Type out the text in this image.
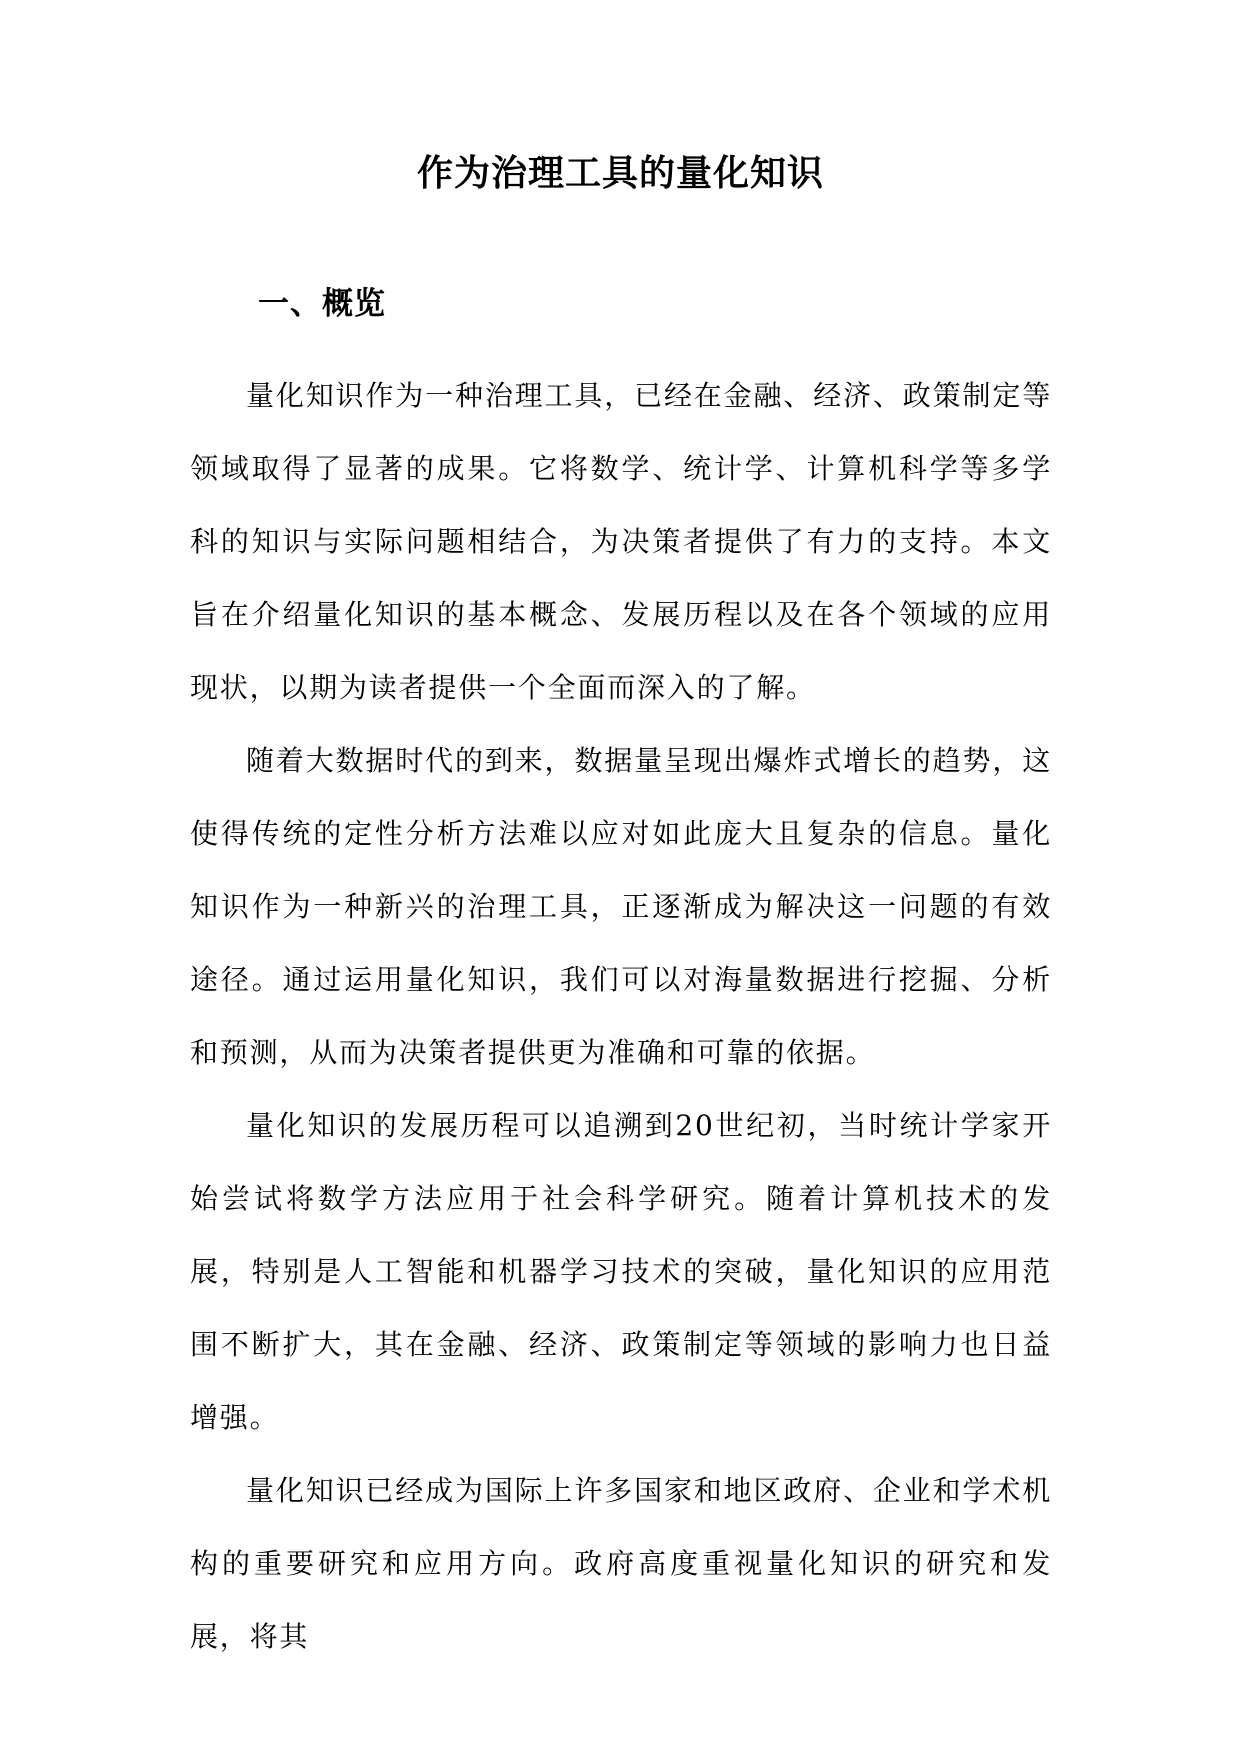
作为治理工具的量化知识
一、概览

量化知识作为一种治理工具，已经在金融、经济、政策制定等领域取得了显著的成果。它将数学、统计学、计算机科学等多学科的知识与实际问题相结合，为决策者提供了有力的支持。本文旨在介绍量化知识的基本概念、发展历程以及在各个领域的应用现状，以期为读者提供一个全面而深入的了解。

随着大数据时代的到来，数据量呈现出爆炸式增长的趋势，这使得传统的定性分析方法难以应对如此庞大且复杂的信息。量化知识作为一种新兴的治理工具，正逐渐成为解决这一问题的有效途径。通过运用量化知识，我们可以对海量数据进行挖掘、分析和预测，从而为决策者提供更为准确和可靠的依据。

量化知识的发展历程可以追溯到20世纪初，当时统计学家开始尝试将数学方法应用于社会科学研究。随着计算机技术的发展，特别是人工智能和机器学习技术的突破，量化知识的应用范围不断扩大，其在金融、经济、政策制定等领域的影响力也日益增强。

量化知识已经成为国际上许多国家和地区政府、企业和学术机构的重要研究和应用方向。政府高度重视量化知识的研究和发展，将其
